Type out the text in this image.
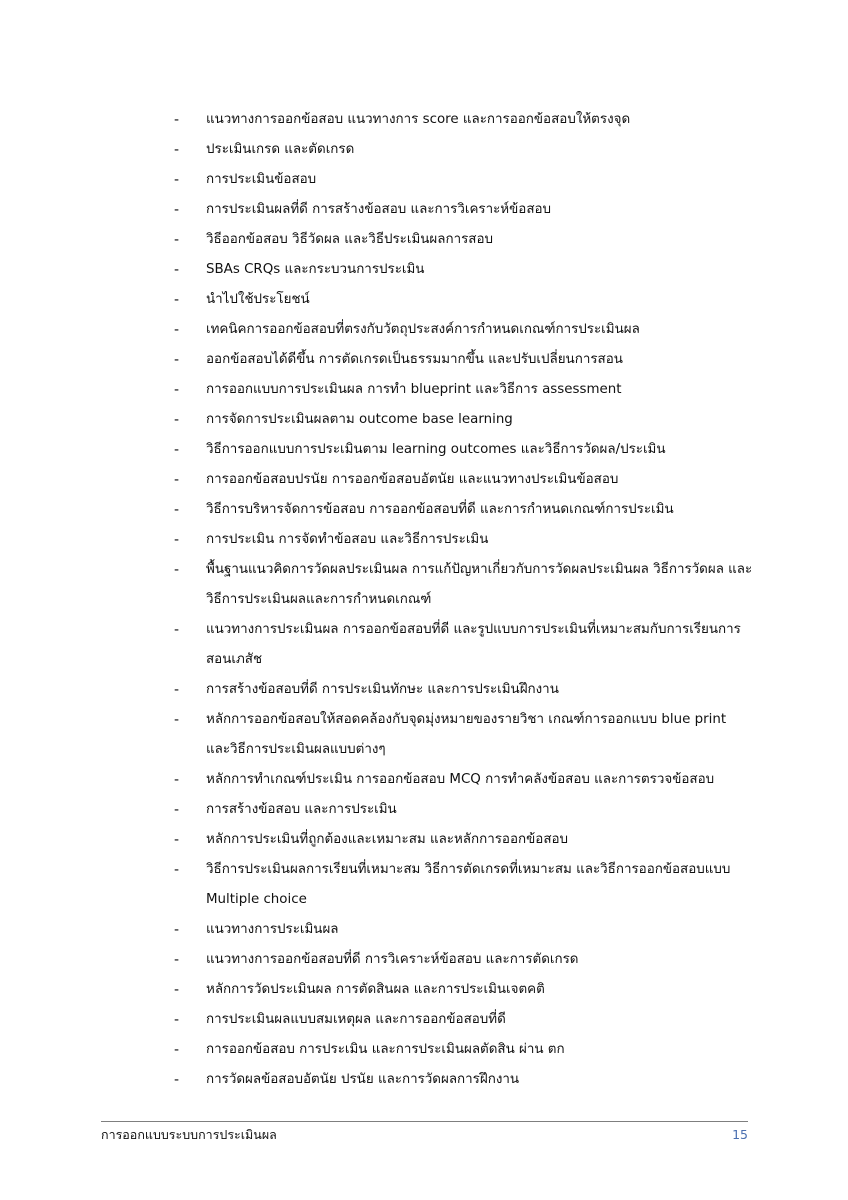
-	แนวทางการออกข้อสอบ แนวทางการ score และการออกข้อสอบให้ตรงจุด
-	ประเมินเกรด และตัดเกรด
-	การประเมินข้อสอบ
-	การประเมินผลที่ดี การสร้างข้อสอบ และการวิเคราะห์ข้อสอบ
-	วิธีออกข้อสอบ วิธีวัดผล และวิธีประเมินผลการสอบ
-	SBAs CRQs และกระบวนการประเมิน
-	นำไปใช้ประโยชน์
-	เทคนิคการออกข้อสอบที่ตรงกับวัตถุประสงค์การกำหนดเกณฑ์การประเมินผล
-	ออกข้อสอบได้ดีขึ้น การตัดเกรดเป็นธรรมมากขึ้น และปรับเปลี่ยนการสอน
-	การออกแบบการประเมินผล การทำ blueprint และวิธีการ assessment
-	การจัดการประเมินผลตาม outcome base learning
-	วิธีการออกแบบการประเมินตาม learning outcomes และวิธีการวัดผล/ประเมิน
-	การออกข้อสอบปรนัย การออกข้อสอบอัตนัย และแนวทางประเมินข้อสอบ
-	วิธีการบริหารจัดการข้อสอบ การออกข้อสอบที่ดี และการกำหนดเกณฑ์การประเมิน
-	การประเมิน การจัดทำข้อสอบ และวิธีการประเมิน
-	พื้นฐานแนวคิดการวัดผลประเมินผล การแก้ปัญหาเกี่ยวกับการวัดผลประเมินผล วิธีการวัดผล และวิธีการประเมินผลและการกำหนดเกณฑ์
-	แนวทางการประเมินผล การออกข้อสอบที่ดี และรูปแบบการประเมินที่เหมาะสมกับการเรียนการสอนเภสัช
-	การสร้างข้อสอบที่ดี การประเมินทักษะ และการประเมินฝึกงาน
-	หลักการออกข้อสอบให้สอดคล้องกับจุดมุ่งหมายของรายวิชา เกณฑ์การออกแบบ blue print และวิธีการประเมินผลแบบต่างๆ
-	หลักการทำเกณฑ์ประเมิน การออกข้อสอบ MCQ การทำคลังข้อสอบ และการตรวจข้อสอบ
-	การสร้างข้อสอบ และการประเมิน
-	หลักการประเมินที่ถูกต้องและเหมาะสม และหลักการออกข้อสอบ
-	วิธีการประเมินผลการเรียนที่เหมาะสม วิธีการตัดเกรดที่เหมาะสม และวิธีการออกข้อสอบแบบ Multiple choice
-	แนวทางการประเมินผล
-	แนวทางการออกข้อสอบที่ดี การวิเคราะห์ข้อสอบ และการตัดเกรด
-	หลักการวัดประเมินผล การตัดสินผล และการประเมินเจตคติ
-	การประเมินผลแบบสมเหตุผล และการออกข้อสอบที่ดี
-	การออกข้อสอบ การประเมิน และการประเมินผลตัดสิน ผ่าน ตก
-	การวัดผลข้อสอบอัตนัย ปรนัย และการวัดผลการฝึกงาน
การออกแบบระบบการประเมินผล	15
